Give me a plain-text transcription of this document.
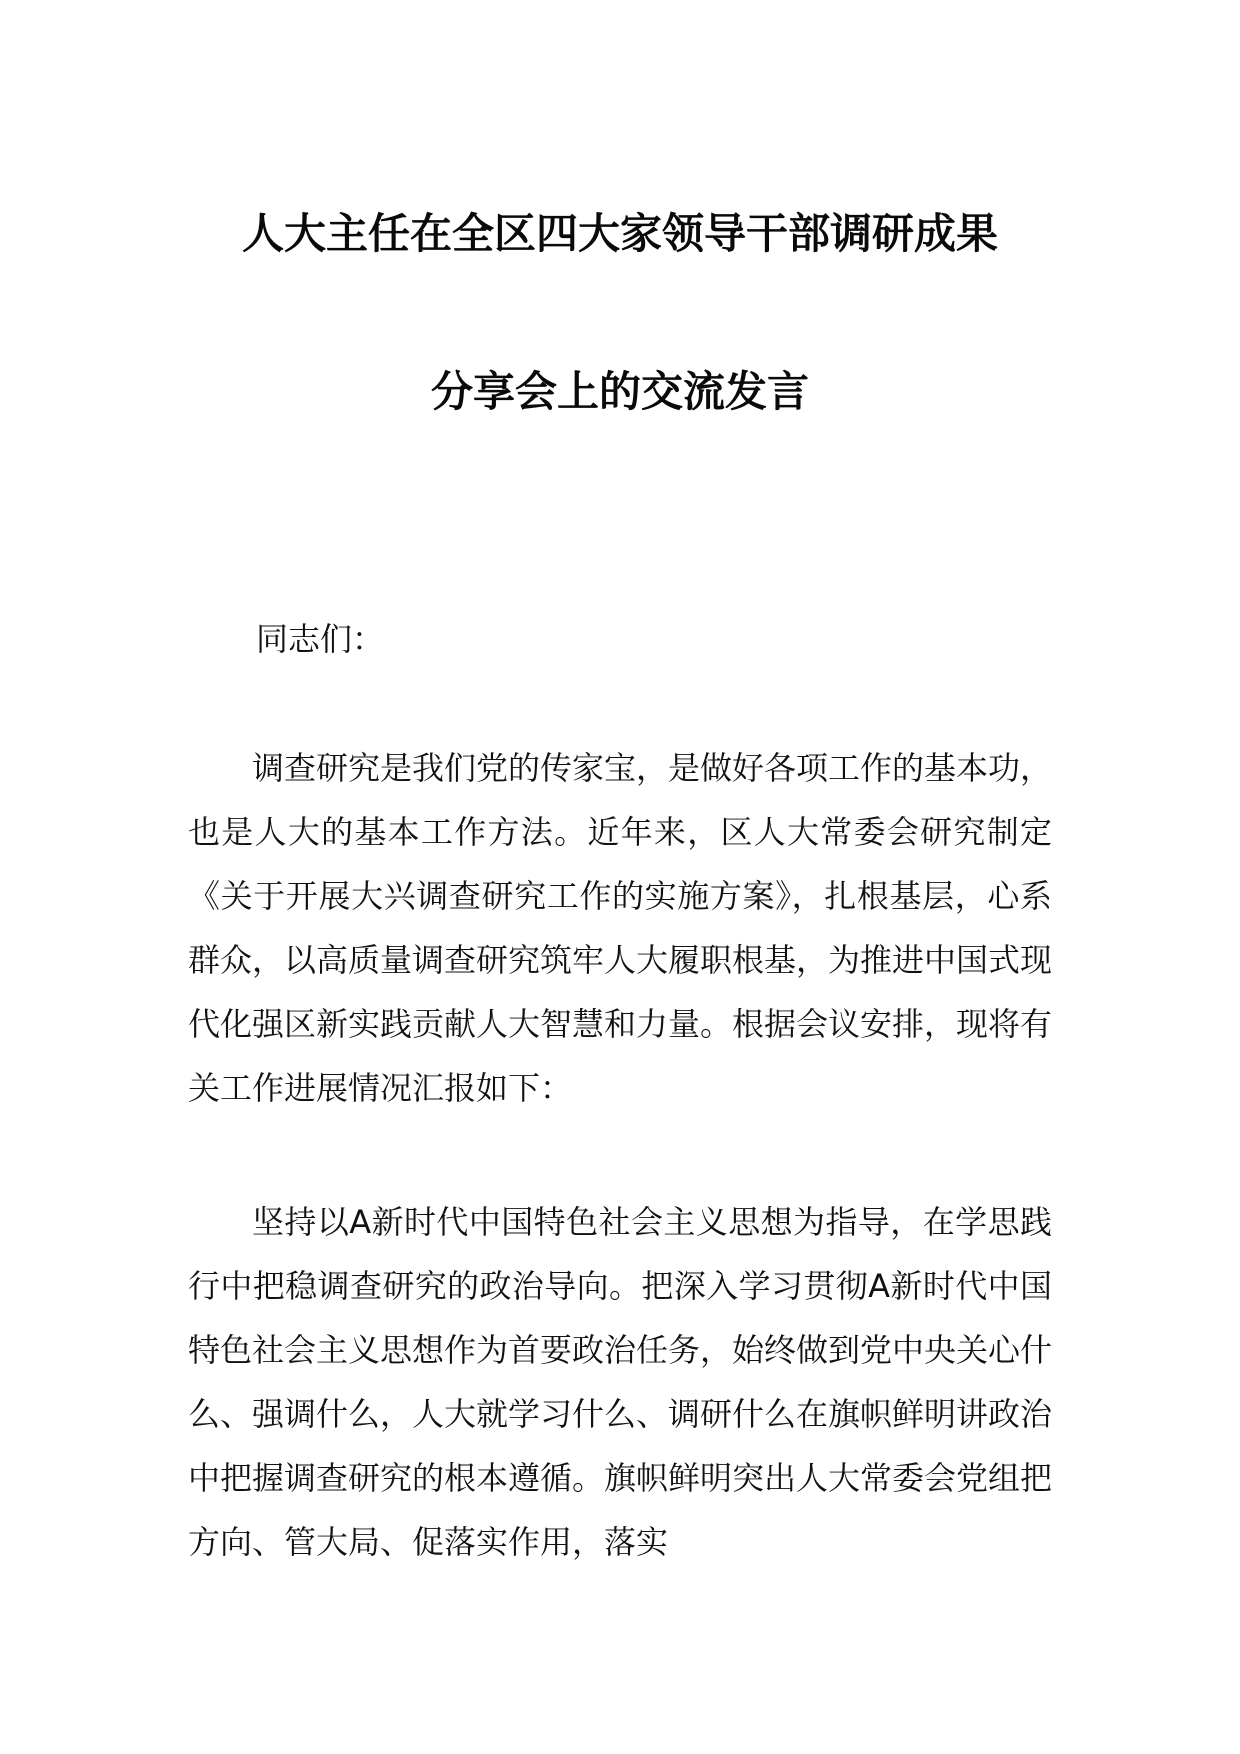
人大主任在全区四大家领导干部调研成果
分享会上的交流发言
同志们：

调查研究是我们党的传家宝，是做好各项工作的基本功，也是人大的基本工作方法。近年来，区人大常委会研究制定《关于开展大兴调查研究工作的实施方案》，扎根基层，心系群众，以高质量调查研究筑牢人大履职根基，为推进中国式现代化强区新实践贡献人大智慧和力量。根据会议安排，现将有关工作进展情况汇报如下：

坚持以A新时代中国特色社会主义思想为指导，在学思践行中把稳调查研究的政治导向。把深入学习贯彻A新时代中国特色社会主义思想作为首要政治任务，始终做到党中央关心什么、强调什么，人大就学习什么、调研什么在旗帜鲜明讲政治中把握调查研究的根本遵循。旗帜鲜明突出人大常委会党组把方向、管大局、促落实作用，落实
